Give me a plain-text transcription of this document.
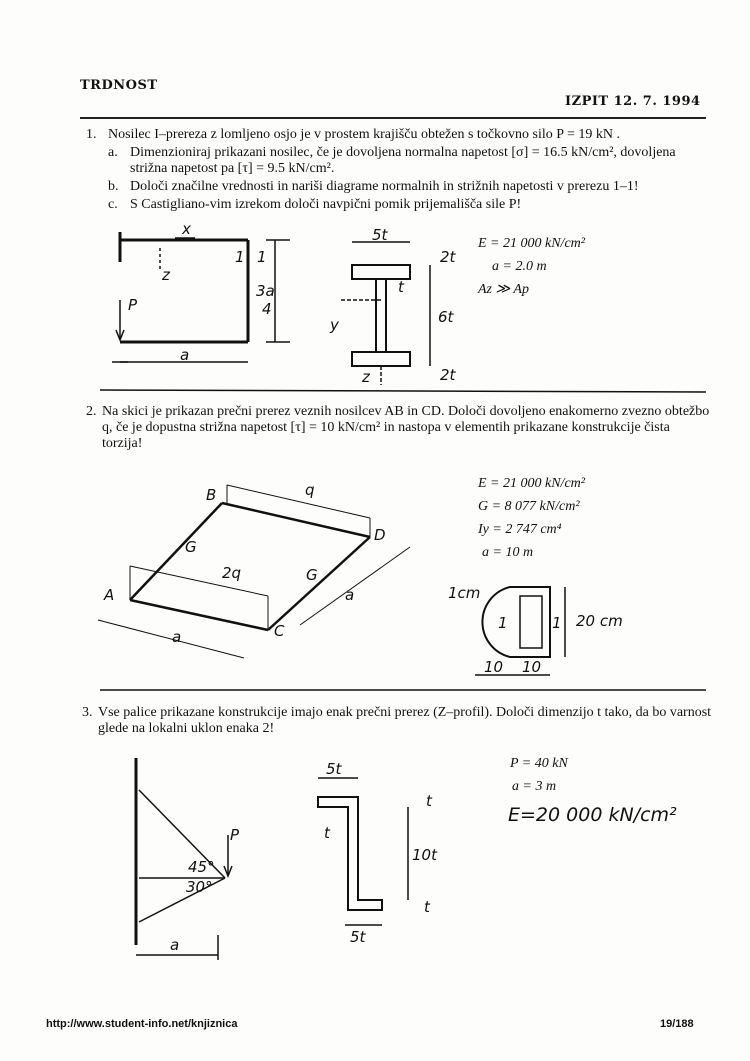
TRDNOST
IZPIT 12. 7. 1994
1. Nosilec I–prereza z lomljeno osjo je v prostem krajišču obtežen s točkovno silo P = 19 kN .
a. Dimenzioniraj prikazani nosilec, če je dovoljena normalna napetost [σ] = 16.5 kN/cm², dovoljena strižna napetost pa [τ] = 9.5 kN/cm².
b. Določi značilne vrednosti in nariši diagrame normalnih in strižnih napetosti v prerezu 1–1!
c. S Castigliano-vim izrekom določi navpični pomik prijemališča sile P!
E = 21 000 kN/cm²
a = 2.0 m
Az ≫ Ap
x
z
P
1 1
3a
4
a
5t
2t
t
6t
2t
y
z
B
D
A
C
q
2q
G
G
a
a	1cm
1	1 20 cm
10 10
P
45°
30°
a
5t
t
t
10t
t
5t
2. Na skici je prikazan prečni prerez veznih nosilcev AB in CD. Določi dovoljeno enakomerno zvezno obtežbo q, če je dopustna strižna napetost [τ] = 10 kN/cm² in nastopa v elementih prikazane konstrukcije čista torzija!
E = 21 000 kN/cm²
G = 8 077 kN/cm²
Iy = 2 747 cm⁴
a = 10 m
3. Vse palice prikazane konstrukcije imajo enak prečni prerez (Z–profil). Določi dimenzijo t tako, da bo varnost glede na lokalni uklon enaka 2!
P = 40 kN
a = 3 m
E=20 000 kN/cm²
http://www.student-info.net/knjiznica	19/188
